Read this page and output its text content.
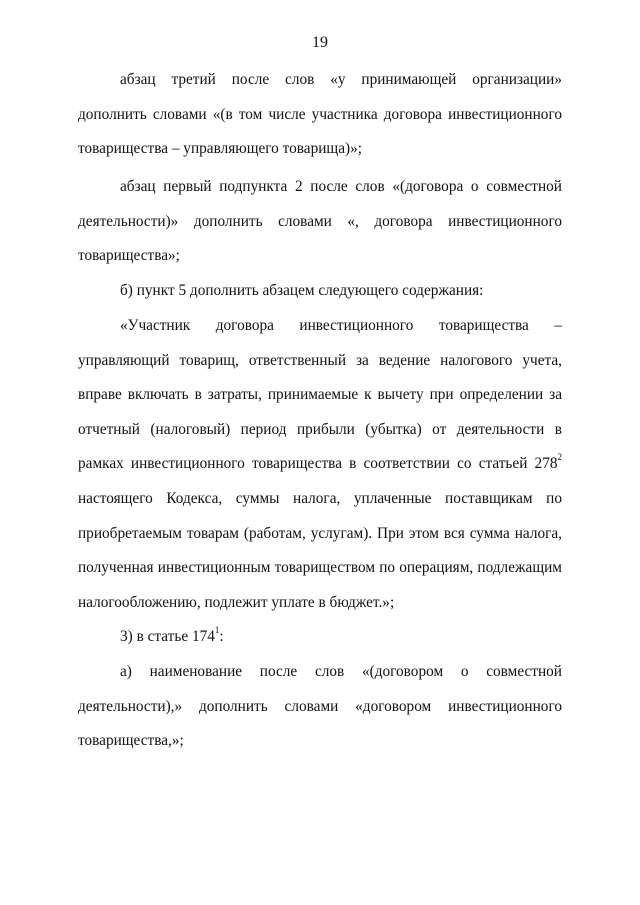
19

абзац третий после слов «у принимающей организации» дополнить словами «(в том числе участника договора инвестиционного товарищества – управляющего товарища)»;

абзац первый подпункта 2 после слов «(договора о совместной деятельности)» дополнить словами «, договора инвестиционного товарищества»;

б) пункт 5 дополнить абзацем следующего содержания:

«Участник договора инвестиционного товарищества – управляющий товарищ, ответственный за ведение налогового учета, вправе включать в затраты, принимаемые к вычету при определении за отчетный (налоговый) период прибыли (убытка) от деятельности в рамках инвестиционного товарищества в соответствии со статьей $278^2$ настоящего Кодекса, суммы налога, уплаченные поставщикам по приобретаемым товарам (работам, услугам). При этом вся сумма налога, полученная инвестиционным товариществом по операциям, подлежащим налогообложению, подлежит уплате в бюджет.»;

3) в статье $174^1$:

а) наименование после слов «(договором о совместной деятельности),» дополнить словами «договором инвестиционного товарищества,»;
